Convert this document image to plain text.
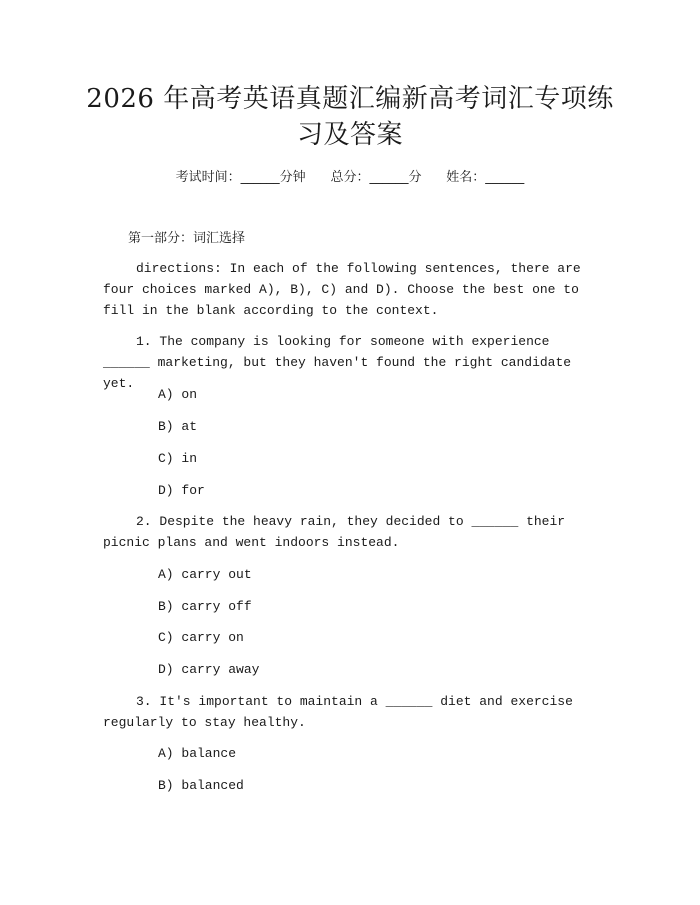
2026 年高考英语真题汇编新高考词汇专项练
习及答案
考试时间：______分钟 总分：______分 姓名：______
第一部分：词汇选择

directions: In each of the following sentences, there are four choices marked A), B), C) and D). Choose the best one to fill in the blank according to the context.

1. The company is looking for someone with experience ______ marketing, but they haven't found the right candidate yet.

A) on
B) at
C) in
D) for

2. Despite the heavy rain, they decided to ______ their picnic plans and went indoors instead.

A) carry out
B) carry off
C) carry on
D) carry away

3. It's important to maintain a ______ diet and exercise regularly to stay healthy.

A) balance
B) balanced
